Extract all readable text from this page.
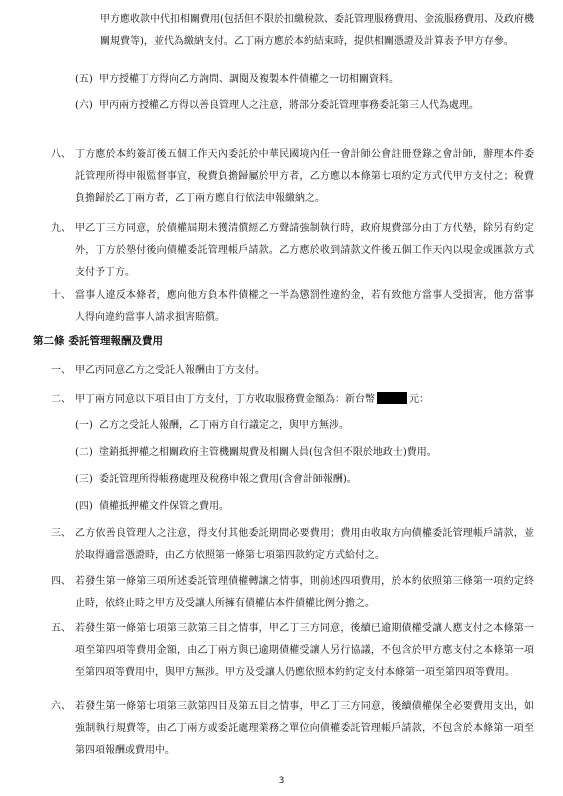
甲方應收款中代扣相關費用(包括但不限於扣繳稅款、委託管理服務費用、金流服務費用、及政府機關規費等)，並代為繳納支付。乙丁兩方應於本約結束時，提供相關憑證及計算表予甲方存參。
(五) 甲方授權丁方得向乙方詢問、調閱及複製本件債權之一切相關資料。
(六) 甲丙兩方授權乙方得以善良管理人之注意，將部分委託管理事務委託第三人代為處理。
八、 丁方應於本約簽訂後五個工作天內委託於中華民國境內任一會計師公會註冊登錄之會計師，辦理本件委託管理所得申報監督事宜，稅費負擔歸屬於甲方者，乙方應以本條第七項約定方式代甲方支付之；稅費負擔歸於乙丁兩方者，乙丁兩方應自行依法申報繳納之。
九、 甲乙丁三方同意，於債權屆期未獲清償經乙方聲請強制執行時，政府規費部分由丁方代墊，除另有約定外，丁方於墊付後向債權委託管理帳戶請款。乙方應於收到請款文件後五個工作天內以現金或匯款方式支付予丁方。
十、 當事人違反本條者，應向他方負本件債權之一半為懲罰性違約金，若有致他方當事人受損害，他方當事人得向違約當事人請求損害賠償。
第二條 委託管理報酬及費用
一、 甲乙丙同意乙方之受託人報酬由丁方支付。
二、 甲丁兩方同意以下項目由丁方支付，丁方收取服務費金額為：新台幣	元：
(一) 乙方之受託人報酬，乙丁兩方自行議定之，與甲方無涉。
(二) 塗銷抵押權之相關政府主管機關規費及相關人員(包含但不限於地政士)費用。
(三) 委託管理所得帳務處理及稅務申報之費用(含會計師報酬)。
(四) 債權抵押權文件保管之費用。
三、 乙方依善良管理人之注意，得支付其他委託期間必要費用；費用由收取方向債權委託管理帳戶請款，並於取得適當憑證時，由乙方依照第一條第七項第四款約定方式給付之。
四、 若發生第一條第三項所述委託管理債權轉讓之情事，則前述四項費用，於本約依照第三條第一項約定終止時，依終止時之甲方及受讓人所擁有債權佔本件債權比例分擔之。
五、 若發生第一條第七項第三款第三目之情事，甲乙丁三方同意，後續已逾期債權受讓人應支付之本條第一項至第四項等費用金額，由乙丁兩方與已逾期債權受讓人另行協議，不包含於甲方應支付之本條第一項至第四項等費用中，與甲方無涉。甲方及受讓人仍應依照本約約定支付本條第一項至第四項等費用。
六、 若發生第一條第七項第三款第四目及第五目之情事，甲乙丁三方同意，後續債權保全必要費用支出，如強制執行規費等，由乙丁兩方或委託處理業務之單位向債權委託管理帳戶請款，不包含於本條第一項至第四項報酬或費用中。
3
